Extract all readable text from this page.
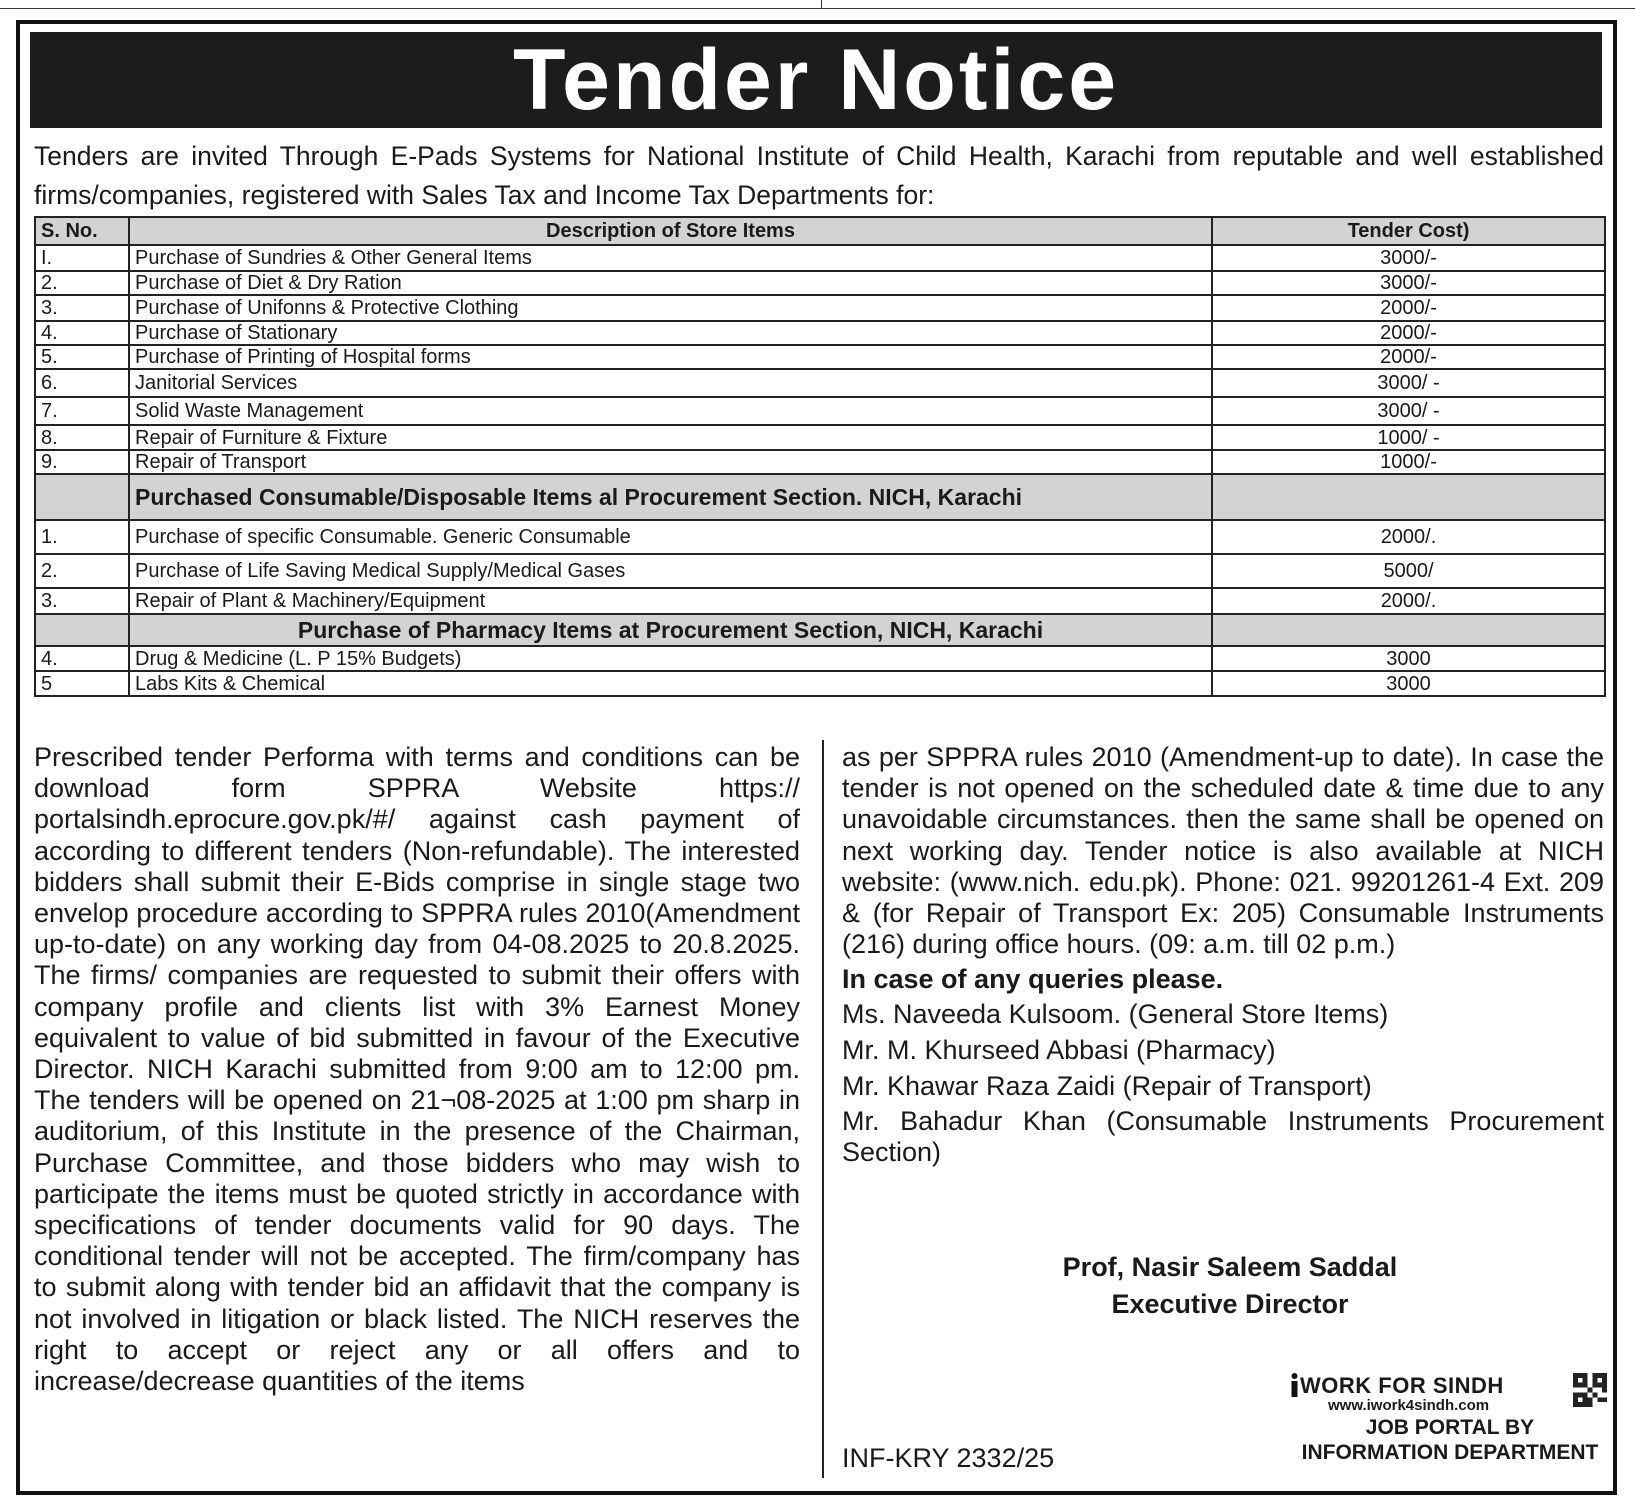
Tender Notice
Tenders are invited Through E-Pads Systems for National Institute of Child Health, Karachi from reputable and well established firms/companies, registered with Sales Tax and Income Tax Departments for:
S. No.	Description of Store Items	Tender Cost)
I.	Purchase of Sundries & Other General Items	3000/-
2.	Purchase of Diet & Dry Ration	3000/-
3.	Purchase of Unifonns & Protective Clothing	2000/-
4.	Purchase of Stationary	2000/-
5.	Purchase of Printing of Hospital forms	2000/-
6.	Janitorial Services	3000/ -
7.	Solid Waste Management	3000/ -
8.	Repair of Furniture & Fixture	1000/ -
9.	Repair of Transport	1000/-
	Purchased Consumable/Disposable Items al Procurement Section. NICH, Karachi	
1.	Purchase of specific Consumable. Generic Consumable	2000/.
2.	Purchase of Life Saving Medical Supply/Medical Gases	5000/
3.	Repair of Plant & Machinery/Equipment	2000/.
	Purchase of Pharmacy Items at Procurement Section, NICH, Karachi	
4.	Drug & Medicine (L. P 15% Budgets)	3000
5	Labs Kits & Chemical	3000

Prescribed tender Performa with terms and conditions can be download form SPPRA Website https:// portalsindh.eprocure.gov.pk/#/ against cash payment of according to different tenders (Non-refundable). The interested bidders shall submit their E-Bids comprise in single stage two envelop procedure according to SPPRA rules 2010(Amendment up-to-date) on any working day from 04-08.2025 to 20.8.2025. The firms/ companies are requested to submit their offers with company profile and clients list with 3% Earnest Money equivalent to value of bid submitted in favour of the Executive Director. NICH Karachi submitted from 9:00 am to 12:00 pm. The tenders will be opened on 21¬08-2025 at 1:00 pm sharp in auditorium, of this Institute in the presence of the Chairman, Purchase Committee, and those bidders who may wish to participate the items must be quoted strictly in accordance with specifications of tender documents valid for 90 days. The conditional tender will not be accepted. The firm/company has to submit along with tender bid an affidavit that the company is not involved in litigation or black listed. The NICH reserves the right to accept or reject any or all offers and to increase/decrease quantities of the items

as per SPPRA rules 2010 (Amendment-up to date). In case the tender is not opened on the scheduled date & time due to any unavoidable circumstances. then the same shall be opened on next working day. Tender notice is also available at NICH website: (www.nich. edu.pk). Phone: 021. 99201261-4 Ext. 209 & (for Repair of Transport Ex: 205) Consumable Instruments (216) during office hours. (09: a.m. till 02 p.m.)

In case of any queries please.

Ms. Naveeda Kulsoom. (General Store Items)

Mr. M. Khurseed Abbasi (Pharmacy)

Mr. Khawar Raza Zaidi (Repair of Transport)

Mr. Bahadur Khan (Consumable Instruments Procurement Section)

Prof, Nasir Saleem Saddal
Executive Director
INF-KRY 2332/25
WORK FOR SINDH
www.iwork4sindh.com
JOB PORTAL BY
INFORMATION DEPARTMENT
